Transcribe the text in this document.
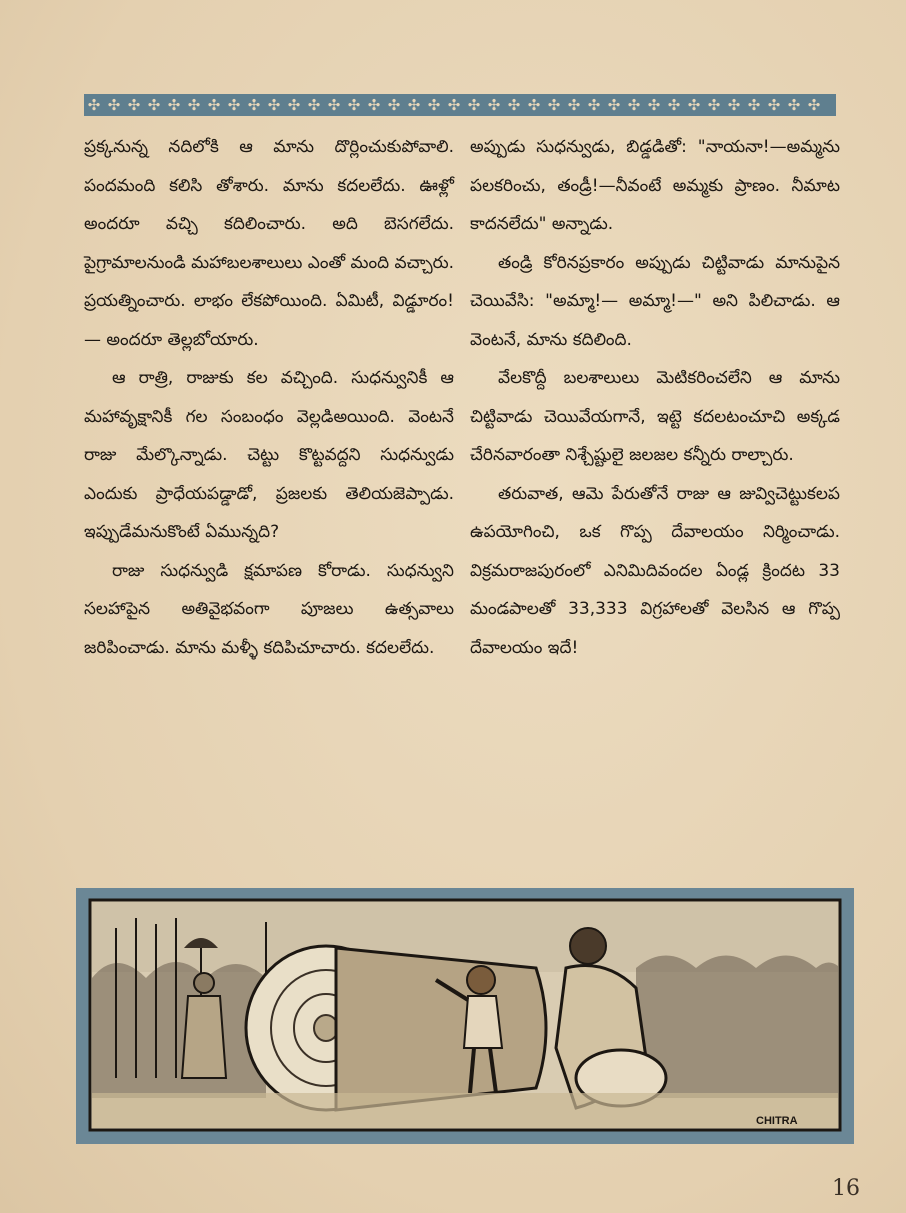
✣ ✣ ✣ ✣ ✣ ✣ ✣ ✣ ✣ ✣ ✣ ✣ ✣ ✣ ✣ ✣ ✣ ✣ ✣ ✣ ✣ ✣ ✣ ✣ ✣ ✣ ✣ ✣ ✣ ✣ ✣ ✣ ✣ ✣ ✣ ✣ ✣

ప్రక్కనున్న నదిలోకి ఆ మాను దొర్లించుకుపోవాలి. పందమంది కలిసి తోశారు. మాను కదలలేదు. ఊళ్లో అందరూ వచ్చి కదిలించారు. అది బెసగలేదు. పైగ్రామాలనుండి మహాబలశాలులు ఎంతో మంది వచ్చారు. ప్రయత్నించారు. లాభం లేకపోయింది. ఏమిటీ, విడ్డూరం!— అందరూ తెల్లబోయారు.

ఆ రాత్రి, రాజుకు కల వచ్చింది. సుధన్వునికీ ఆ మహావృక్షానికీ గల సంబంధం వెల్లడిఅయింది. వెంటనే రాజు మేల్కొన్నాడు. చెట్టు కొట్టవద్దని సుధన్వుడు ఎందుకు ప్రాధేయపడ్డాడో, ప్రజలకు తెలియజెప్పాడు. ఇప్పుడేమనుకొంటే ఏమున్నది?

రాజు సుధన్వుడి క్షమాపణ కోరాడు. సుధన్వుని సలహాపైన అతివైభవంగా పూజలు ఉత్సవాలు జరిపించాడు. మాను మళ్ళీ కదిపిచూచారు. కదలలేదు.

అప్పుడు సుధన్వుడు, బిడ్డడితో: "నాయనా!—అమ్మను పలకరించు, తండ్రీ!—నీవంటే అమ్మకు ప్రాణం. నీమాట కాదనలేదు" అన్నాడు.

తండ్రి కోరినప్రకారం అప్పుడు చిట్టివాడు మానుపైన చెయివేసి: "అమ్మా!— అమ్మా!—" అని పిలిచాడు. ఆ వెంటనే, మాను కదిలింది.

వేలకొద్దీ బలశాలులు మెటికరించలేని ఆ మాను చిట్టివాడు చెయివేయగానే, ఇట్టె కదలటంచూచి అక్కడ చేరినవారంతా నిశ్చేష్టులై జలజల కన్నీరు రాల్చారు.

తరువాత, ఆమె పేరుతోనే రాజు ఆ జువ్విచెట్టుకలప ఉపయోగించి, ఒక గొప్ప దేవాలయం నిర్మించాడు. విక్రమరాజపురంలో ఎనిమిదివందల ఏండ్ల క్రిందట 33 మండపాలతో 33,333 విగ్రహాలతో వెలసిన ఆ గొప్ప దేవాలయం ఇదే!

CHITRA
16
